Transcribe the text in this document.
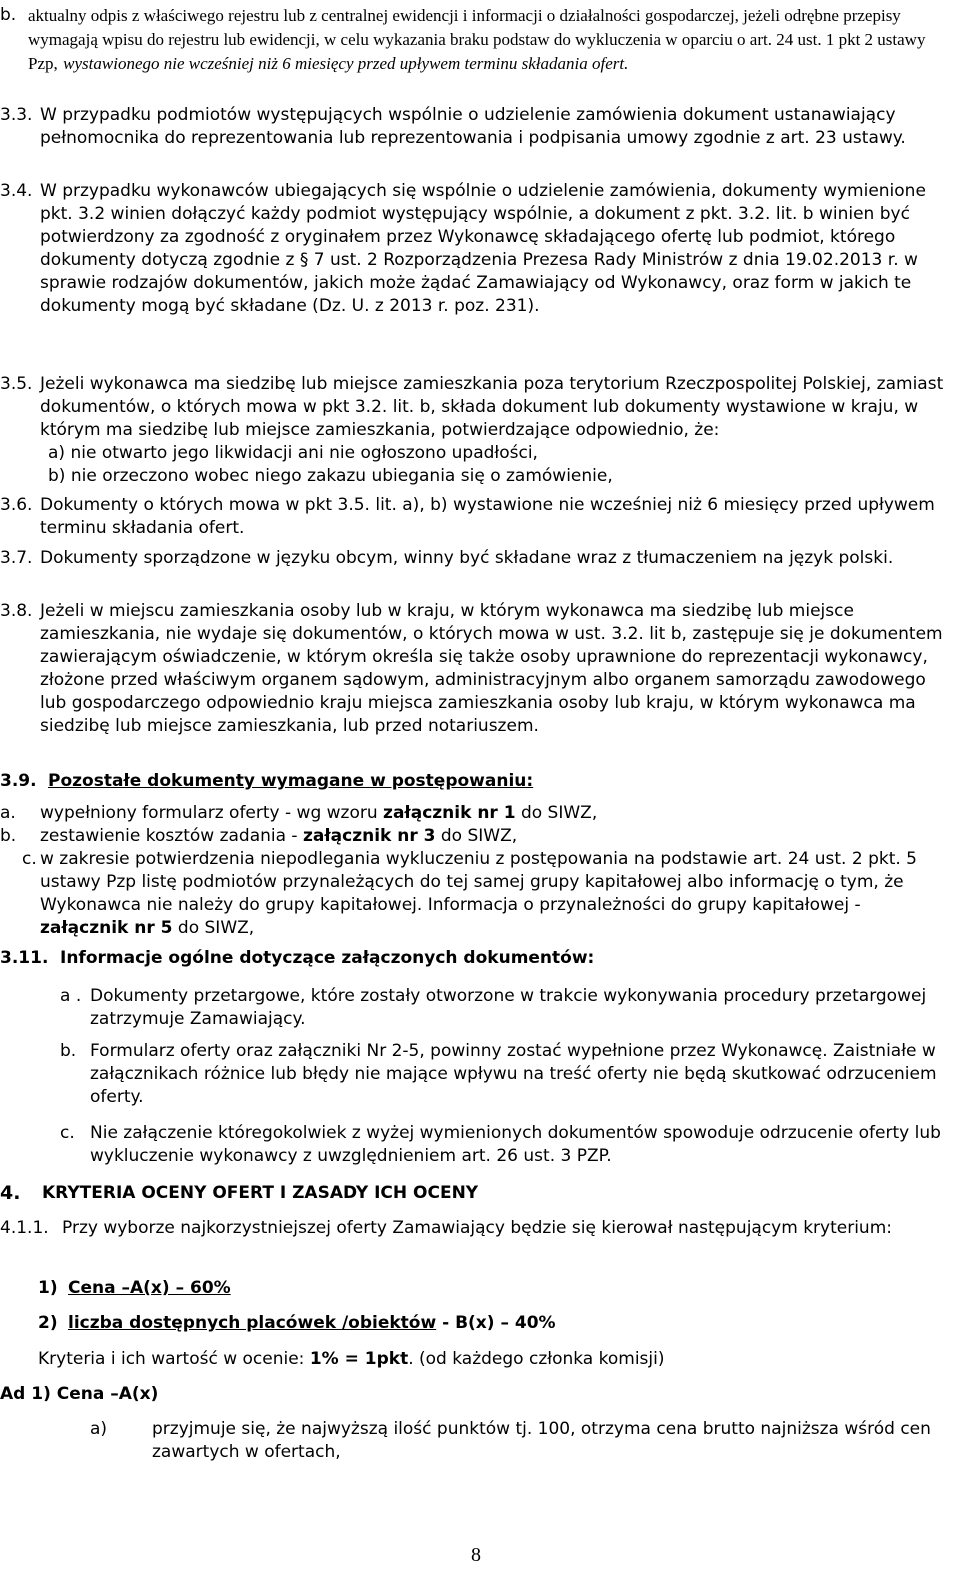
b. aktualny odpis z właściwego rejestru lub z centralnej ewidencji i informacji o działalności gospodarczej, jeżeli odrębne przepisy wymagają wpisu do rejestru lub ewidencji, w celu wykazania braku podstaw do wykluczenia w oparciu o art. 24 ust. 1 pkt 2 ustawy Pzp, wystawionego nie wcześniej niż 6 miesięcy przed upływem terminu składania ofert.
3.3. W przypadku podmiotów występujących wspólnie o udzielenie zamówienia dokument ustanawiający pełnomocnika do reprezentowania lub reprezentowania i podpisania umowy zgodnie z art. 23 ustawy.
3.4. W przypadku wykonawców ubiegających się wspólnie o udzielenie zamówienia, dokumenty wymienione pkt. 3.2 winien dołączyć każdy podmiot występujący wspólnie, a dokument z pkt. 3.2. lit. b winien być potwierdzony za zgodność z oryginałem przez Wykonawcę składającego ofertę lub podmiot, którego dokumenty dotyczą zgodnie z § 7 ust. 2 Rozporządzenia Prezesa Rady Ministrów z dnia 19.02.2013 r. w sprawie rodzajów dokumentów, jakich może żądać Zamawiający od Wykonawcy, oraz form w jakich te dokumenty mogą być składane (Dz. U. z 2013 r. poz. 231).
3.5. Jeżeli wykonawca ma siedzibę lub miejsce zamieszkania poza terytorium Rzeczpospolitej Polskiej, zamiast dokumentów, o których mowa w pkt 3.2. lit. b, składa dokument lub dokumenty wystawione w kraju, w którym ma siedzibę lub miejsce zamieszkania, potwierdzające odpowiednio, że:
a) nie otwarto jego likwidacji ani nie ogłoszono upadłości,
b) nie orzeczono wobec niego zakazu ubiegania się o zamówienie,
3.6. Dokumenty o których mowa w pkt 3.5. lit. a), b) wystawione nie wcześniej niż 6 miesięcy przed upływem terminu składania ofert.
3.7. Dokumenty sporządzone w języku obcym, winny być składane wraz z tłumaczeniem na język polski.
3.8. Jeżeli w miejscu zamieszkania osoby lub w kraju, w którym wykonawca ma siedzibę lub miejsce zamieszkania, nie wydaje się dokumentów, o których mowa w ust. 3.2. lit b, zastępuje się je dokumentem zawierającym oświadczenie, w którym określa się także osoby uprawnione do reprezentacji wykonawcy, złożone przed właściwym organem sądowym, administracyjnym albo organem samorządu zawodowego lub gospodarczego odpowiednio kraju miejsca zamieszkania osoby lub kraju, w którym wykonawca ma siedzibę lub miejsce zamieszkania, lub przed notariuszem.
3.9. Pozostałe dokumenty wymagane w postępowaniu:
a. wypełniony formularz oferty - wg wzoru załącznik nr 1 do SIWZ,
b. zestawienie kosztów zadania - załącznik nr 3 do SIWZ,
c. w zakresie potwierdzenia niepodlegania wykluczeniu z postępowania na podstawie art. 24 ust. 2 pkt. 5 ustawy Pzp listę podmiotów przynależących do tej samej grupy kapitałowej albo informację o tym, że Wykonawca nie należy do grupy kapitałowej. Informacja o przynależności do grupy kapitałowej - załącznik nr 5 do SIWZ,
3.11. Informacje ogólne dotyczące załączonych dokumentów:
a . Dokumenty przetargowe, które zostały otworzone w trakcie wykonywania procedury przetargowej zatrzymuje Zamawiający.
b. Formularz oferty oraz załączniki Nr 2-5, powinny zostać wypełnione przez Wykonawcę. Zaistniałe w załącznikach różnice lub błędy nie mające wpływu na treść oferty nie będą skutkować odrzuceniem oferty.
c. Nie załączenie któregokolwiek z wyżej wymienionych dokumentów spowoduje odrzucenie oferty lub wykluczenie wykonawcy z uwzględnieniem art. 26 ust. 3 PZP.
4. KRYTERIA OCENY OFERT I ZASADY ICH OCENY
4.1.1. Przy wyborze najkorzystniejszej oferty Zamawiający będzie się kierował następującym kryterium:
1) Cena –A(x) – 60%
2) liczba dostępnych placówek /obiektów - B(x) – 40%
Kryteria i ich wartość w ocenie: 1% = 1pkt. (od każdego członka komisji)
Ad 1) Cena –A(x)
a)	przyjmuje się, że najwyższą ilość punktów tj. 100, otrzyma cena brutto najniższa wśród cen zawartych w ofertach,
8
